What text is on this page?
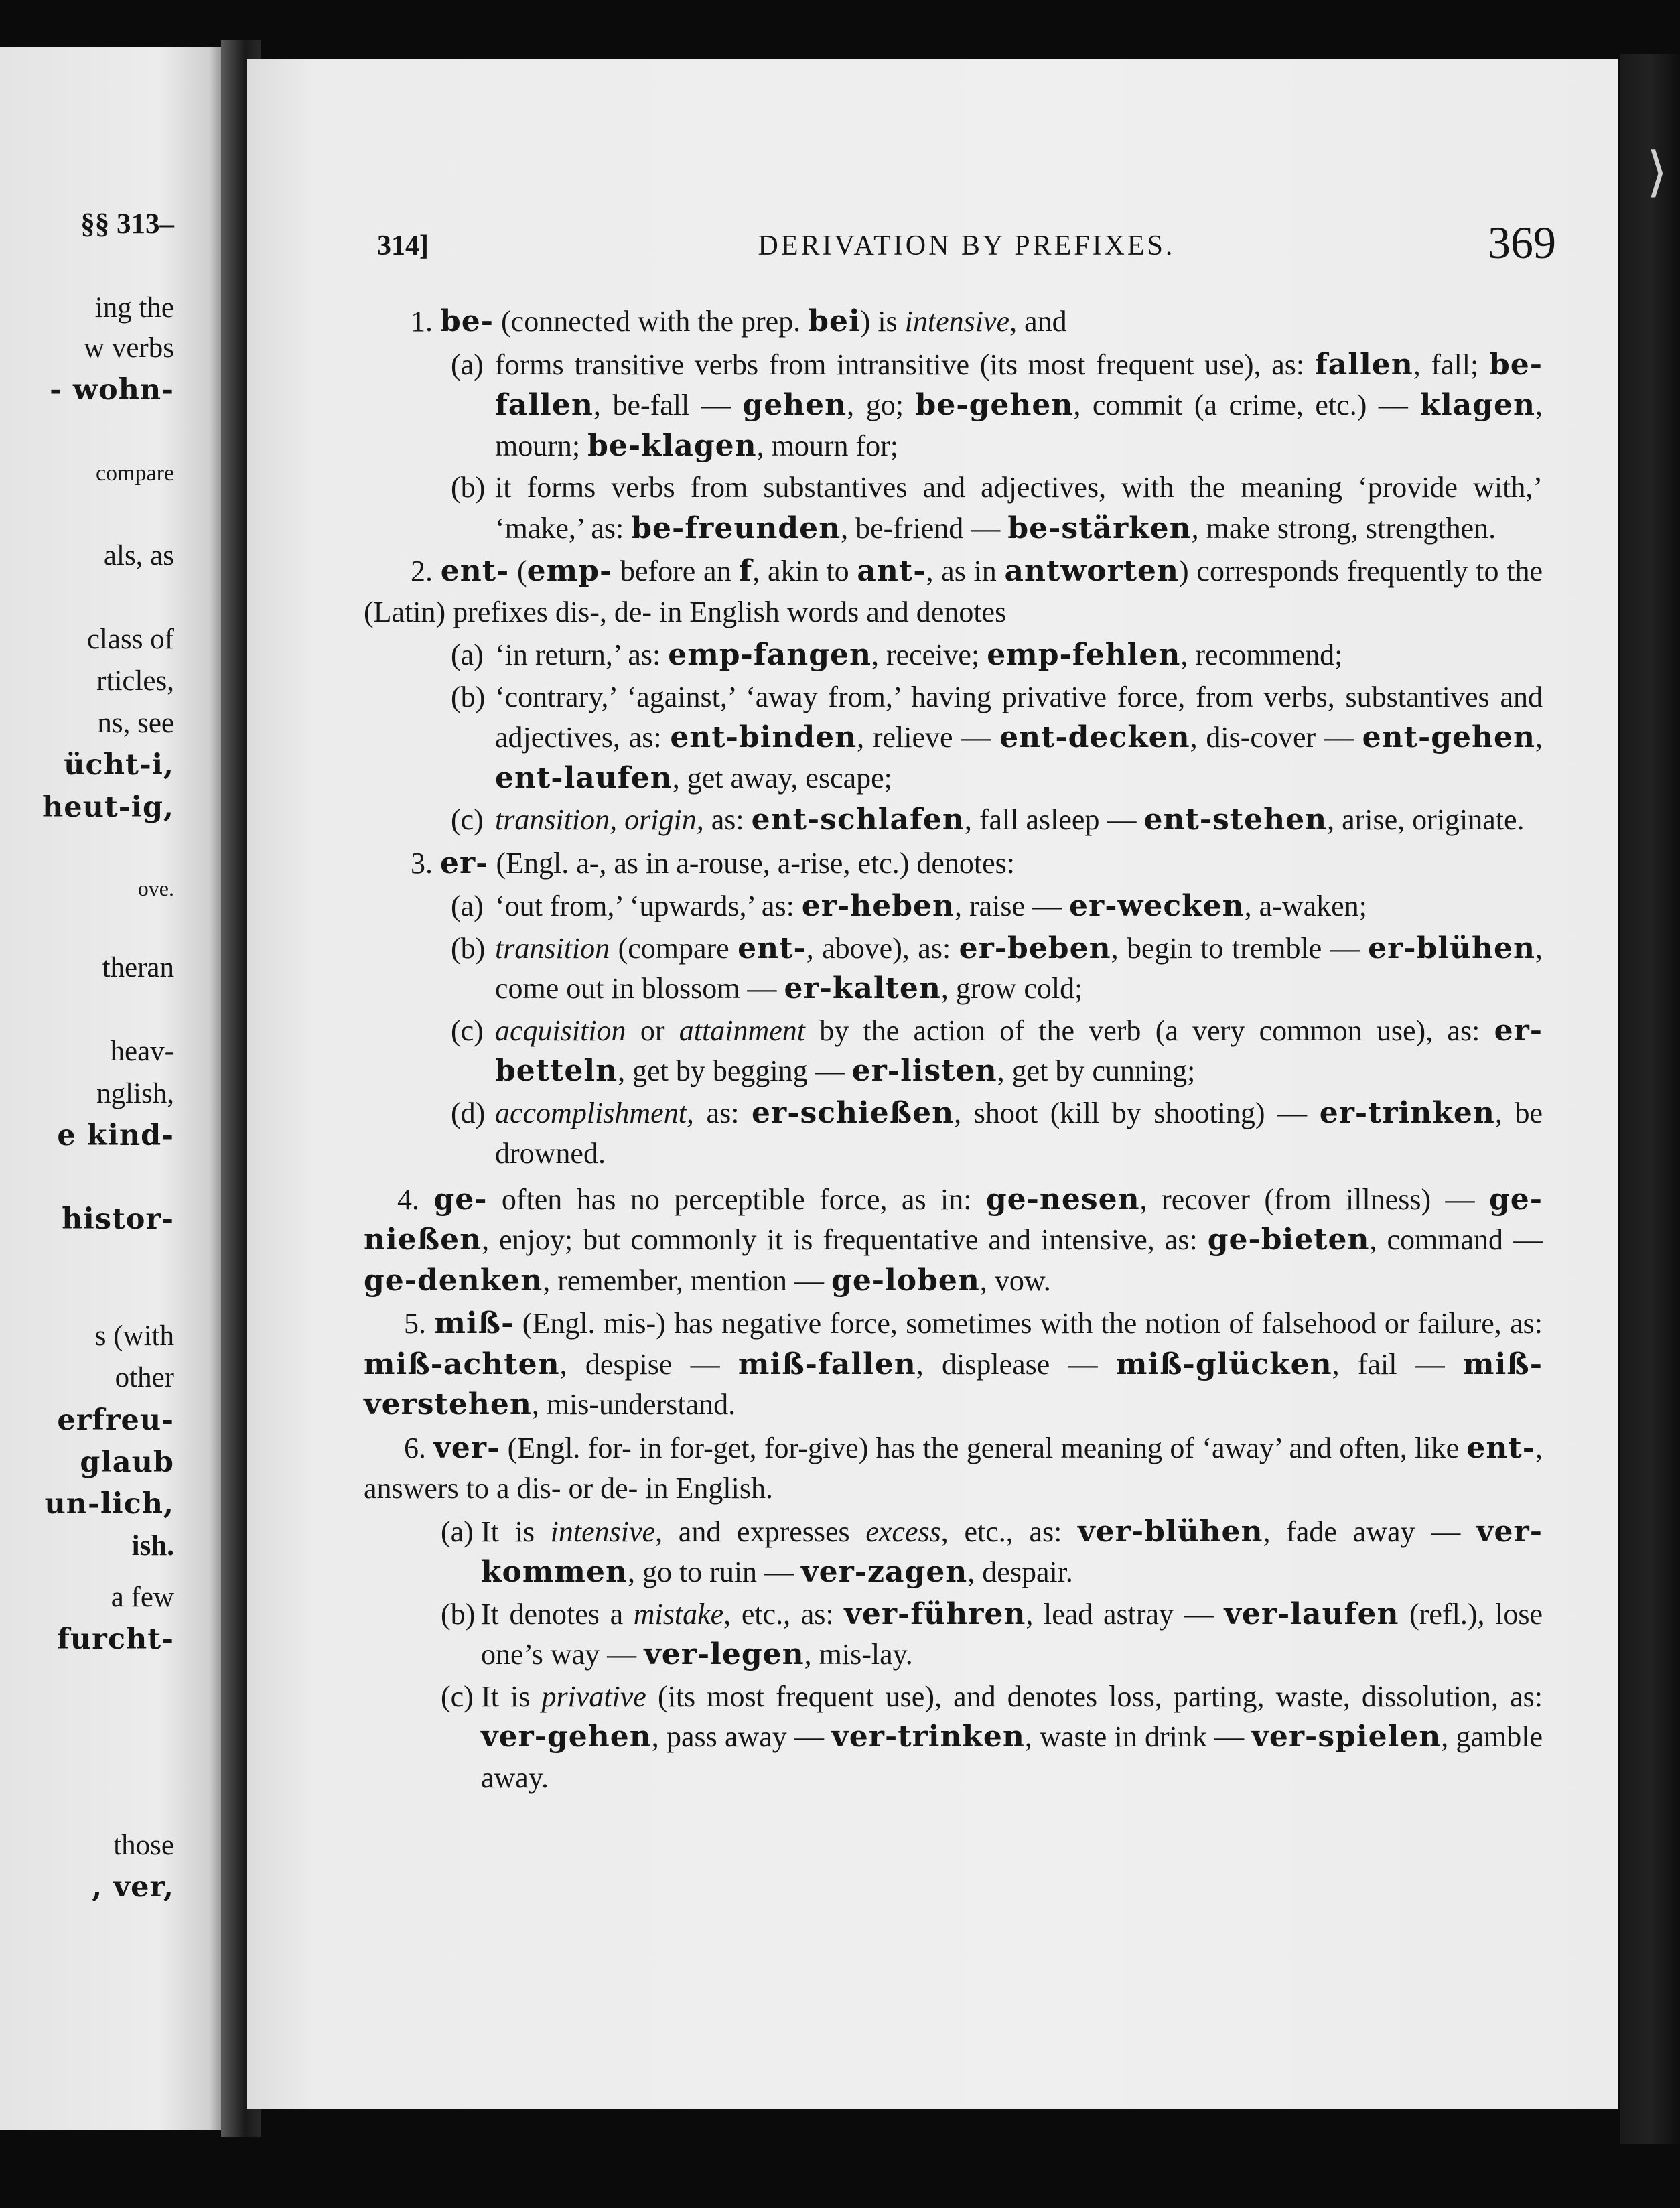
§§ 313–
ing the
w verbs
- wohn-
compare
als, as
class of
rticles,
ns, see
ücht-i,
heut-ig,
ove.
theran
heav-
nglish,
e kind-
histor-
s (with
other
erfreu-
glaub
un-lich,
ish.
a few
furcht-
those
, ver,
314]	DERIVATION BY PREFIXES.	369
1. be- (connected with the prep. bei) is intensive, and
(a) forms transitive verbs from intransitive (its most frequent use), as: fallen, fall; be-fallen, be-fall — gehen, go; be-gehen, commit (a crime, etc.) — klagen, mourn; be-klagen, mourn for;
(b) it forms verbs from substantives and adjectives, with the meaning ‘provide with,’ ‘make,’ as: be-freunden, be-friend — be-stärken, make strong, strengthen.
2. ent- (emp- before an f, akin to ant-, as in antworten) corresponds frequently to the (Latin) prefixes dis-, de- in English words and denotes
(a) ‘in return,’ as: emp-fangen, receive; emp-fehlen, recommend;
(b) ‘contrary,’ ‘against,’ ‘away from,’ having privative force, from verbs, substantives and adjectives, as: ent-binden, relieve — ent-decken, dis-cover — ent-gehen, ent-laufen, get away, escape;
(c) transition, origin, as: ent-schlafen, fall asleep — ent-stehen, arise, originate.
3. er- (Engl. a-, as in a-rouse, a-rise, etc.) denotes:
(a) ‘out from,’ ‘upwards,’ as: er-heben, raise — er-wecken, a-waken;
(b) transition (compare ent-, above), as: er-beben, begin to tremble — er-blühen, come out in blossom — er-kalten, grow cold;
(c) acquisition or attainment by the action of the verb (a very common use), as: er-betteln, get by begging — er-listen, get by cunning;
(d) accomplishment, as: er-schießen, shoot (kill by shooting) — er-trinken, be drowned.
4. ge- often has no perceptible force, as in: ge-nesen, recover (from illness) — ge-nießen, enjoy; but commonly it is frequentative and intensive, as: ge-bieten, command — ge-denken, remember, mention — ge-loben, vow.
5. miß- (Engl. mis-) has negative force, sometimes with the notion of falsehood or failure, as: miß-achten, despise — miß-fallen, displease — miß-glücken, fail — miß-verstehen, mis-understand.
6. ver- (Engl. for- in for-get, for-give) has the general meaning of ‘away’ and often, like ent-, answers to a dis- or de- in English.
(a) It is intensive, and expresses excess, etc., as: ver-blühen, fade away — ver-kommen, go to ruin — ver-zagen, despair.
(b) It denotes a mistake, etc., as: ver-führen, lead astray — ver-laufen (refl.), lose one’s way — ver-legen, mis-lay.
(c) It is privative (its most frequent use), and denotes loss, parting, waste, dissolution, as: ver-gehen, pass away — ver-trinken, waste in drink — ver-spielen, gamble away.
⟩
